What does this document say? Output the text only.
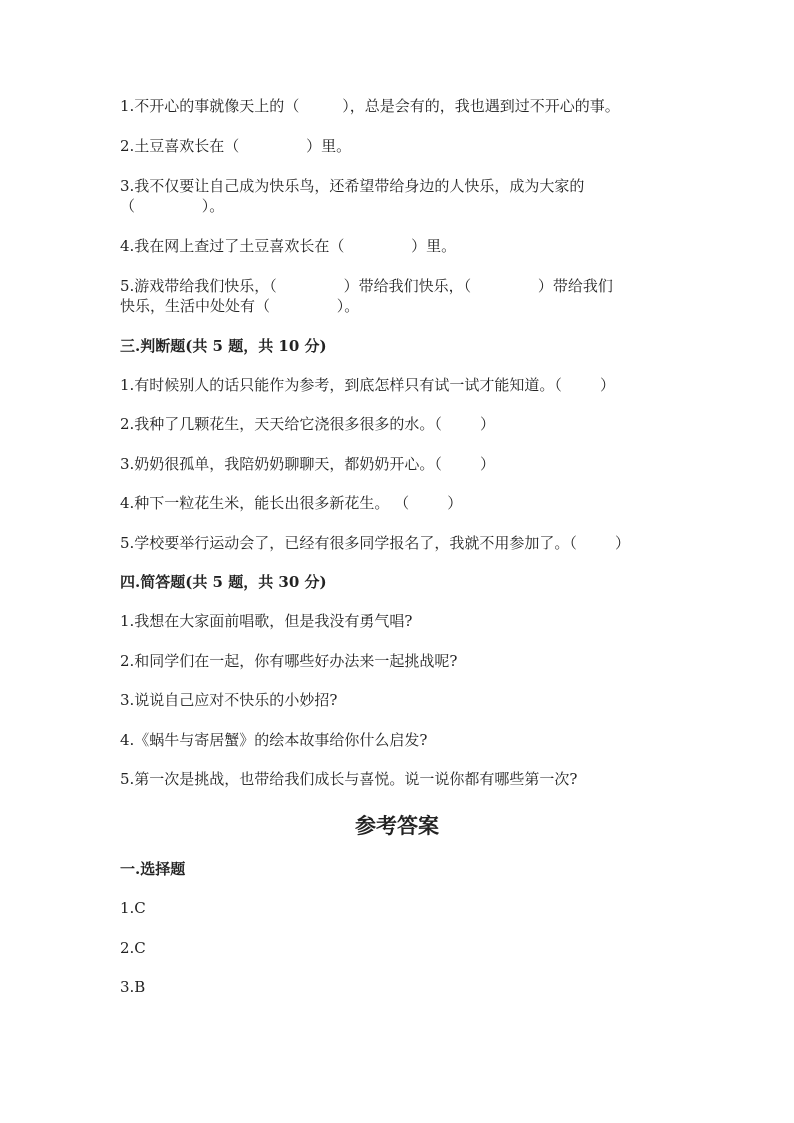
1.不开心的事就像天上的（         ），总是会有的，我也遇到过不开心的事。
2.土豆喜欢长在（              ）里。
3.我不仅要让自己成为快乐鸟，还希望带给身边的人快乐，成为大家的
（              ）。
4.我在网上查过了土豆喜欢长在（              ）里。
5.游戏带给我们快乐，（              ）带给我们快乐，（              ）带给我们
快乐，生活中处处有（              ）。
三.判断题(共 5 题，共 10 分)
1.有时候别人的话只能作为参考，到底怎样只有试一试才能知道。（        ）
2.我种了几颗花生，天天给它浇很多很多的水。（        ）
3.奶奶很孤单，我陪奶奶聊聊天，都奶奶开心。（        ）
4.种下一粒花生米，能长出很多新花生。 （        ）
5.学校要举行运动会了，已经有很多同学报名了，我就不用参加了。（        ）
四.简答题(共 5 题，共 30 分)
1.我想在大家面前唱歌，但是我没有勇气唱?
2.和同学们在一起，你有哪些好办法来一起挑战呢?
3.说说自己应对不快乐的小妙招?
4.《蜗牛与寄居蟹》的绘本故事给你什么启发?
5.第一次是挑战，也带给我们成长与喜悦。说一说你都有哪些第一次?
参考答案
一.选择题
1.C
2.C
3.B
